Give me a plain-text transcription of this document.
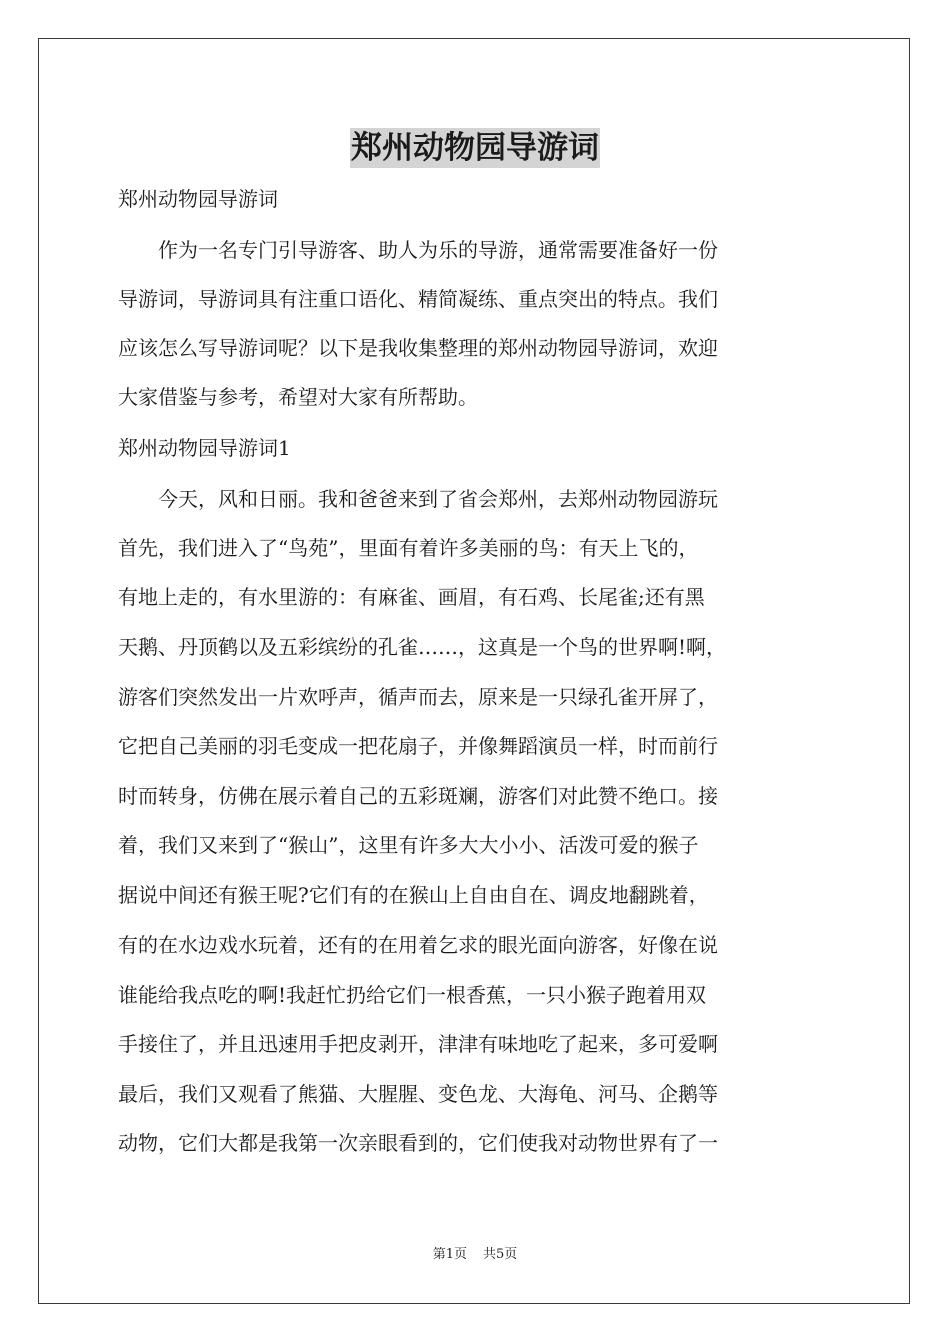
郑州动物园导游词
郑州动物园导游词
　　作为一名专门引导游客、助人为乐的导游，通常需要准备好一份
导游词，导游词具有注重口语化、精简凝练、重点突出的特点。我们
应该怎么写导游词呢？以下是我收集整理的郑州动物园导游词，欢迎
大家借鉴与参考，希望对大家有所帮助。
郑州动物园导游词1
　　今天，风和日丽。我和爸爸来到了省会郑州，去郑州动物园游玩
首先，我们进入了“鸟苑”，里面有着许多美丽的鸟：有天上飞的，
有地上走的，有水里游的：有麻雀、画眉，有石鸡、长尾雀;还有黑
天鹅、丹顶鹤以及五彩缤纷的孔雀……，这真是一个鸟的世界啊!啊，
游客们突然发出一片欢呼声，循声而去，原来是一只绿孔雀开屏了，
它把自己美丽的羽毛变成一把花扇子，并像舞蹈演员一样，时而前行
时而转身，仿佛在展示着自己的五彩斑斓，游客们对此赞不绝口。接
着，我们又来到了“猴山”，这里有许多大大小小、活泼可爱的猴子
据说中间还有猴王呢?它们有的在猴山上自由自在、调皮地翻跳着，
有的在水边戏水玩着，还有的在用着乞求的眼光面向游客，好像在说
谁能给我点吃的啊!我赶忙扔给它们一根香蕉，一只小猴子跑着用双
手接住了，并且迅速用手把皮剥开，津津有味地吃了起来，多可爱啊
最后，我们又观看了熊猫、大腥腥、变色龙、大海龟、河马、企鹅等
动物，它们大都是我第一次亲眼看到的，它们使我对动物世界有了一
第1页 共5页
